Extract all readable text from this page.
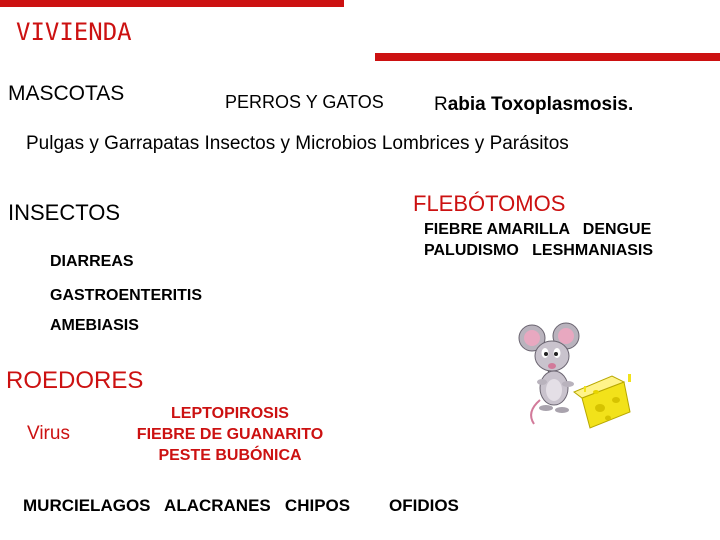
VIVIENDA
MASCOTAS	PERROS Y GATOS	Rabia Toxoplasmosis.
Pulgas y Garrapatas Insectos y Microbios Lombrices y Parásitos
INSECTOS
DIARREAS
GASTROENTERITIS
AMEBIASIS
FLEBÓTOMOS
FIEBRE AMARILLA   DENGUE
PALUDISMO   LESHMANIASIS
ROEDORES
Virus
LEPTOPIROSIS
FIEBRE DE GUANARITO
PESTE BUBÓNICA
MURCIELAGOS   ALACRANES   CHIPOS OFIDIOS
